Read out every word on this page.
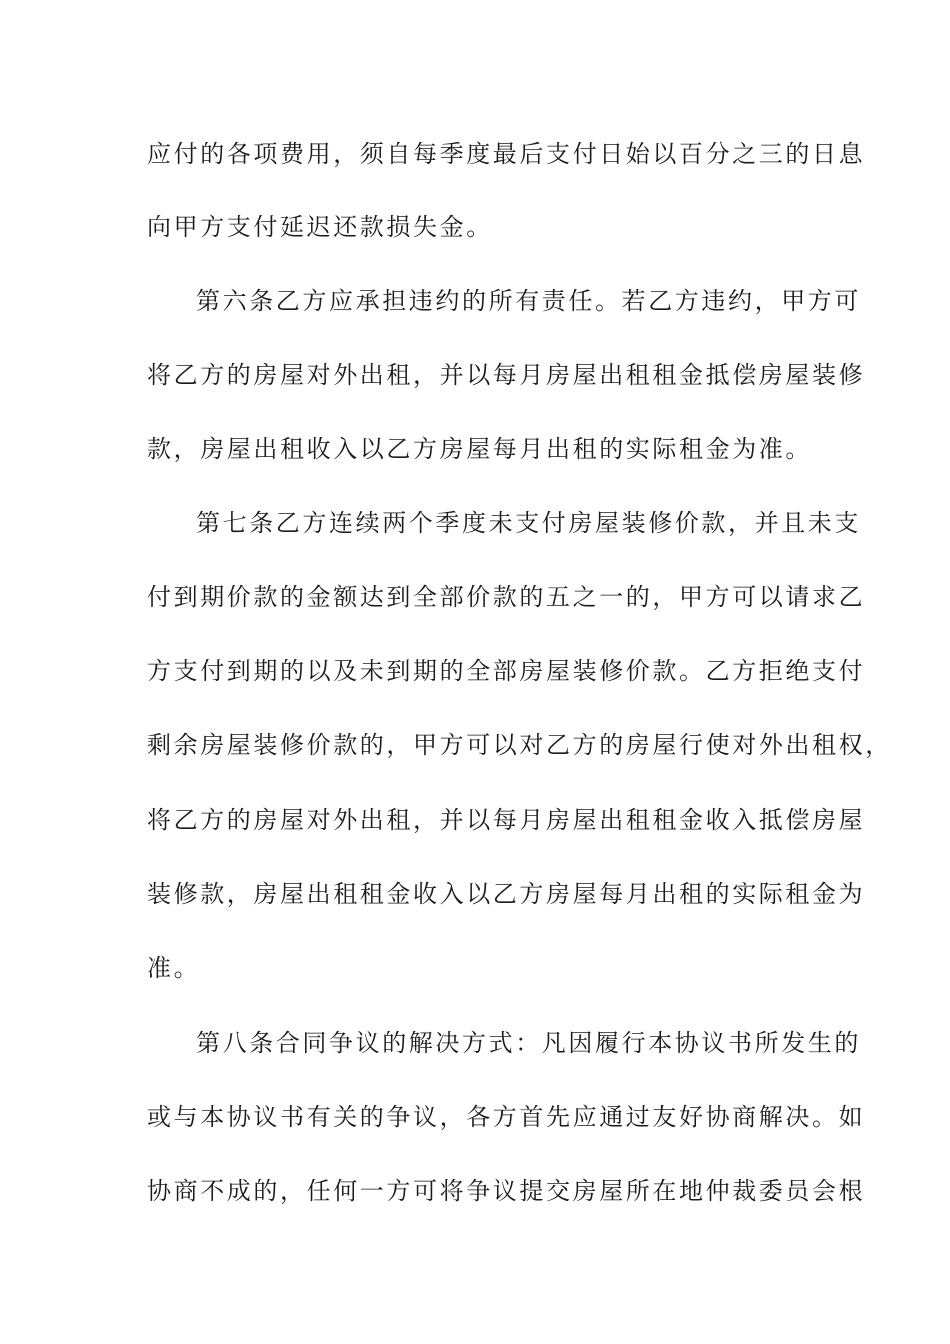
应付的各项费用，须自每季度最后支付日始以百分之三的日息
向甲方支付延迟还款损失金。
第六条乙方应承担违约的所有责任。若乙方违约，甲方可
将乙方的房屋对外出租，并以每月房屋出租租金抵偿房屋装修
款，房屋出租收入以乙方房屋每月出租的实际租金为准。
第七条乙方连续两个季度未支付房屋装修价款，并且未支
付到期价款的金额达到全部价款的五之一的，甲方可以请求乙
方支付到期的以及未到期的全部房屋装修价款。乙方拒绝支付
剩余房屋装修价款的，甲方可以对乙方的房屋行使对外出租权，
将乙方的房屋对外出租，并以每月房屋出租租金收入抵偿房屋
装修款，房屋出租租金收入以乙方房屋每月出租的实际租金为
准。
第八条合同争议的解决方式：凡因履行本协议书所发生的
或与本协议书有关的争议，各方首先应通过友好协商解决。如
协商不成的，任何一方可将争议提交房屋所在地仲裁委员会根
